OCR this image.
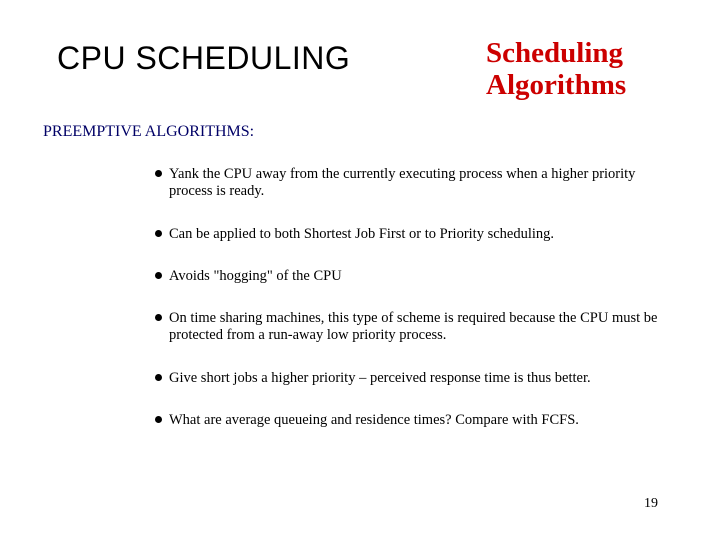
CPU SCHEDULING	Scheduling
Algorithms
PREEMPTIVE ALGORITHMS:
Yank the CPU away from the currently executing process when a higher priority process is ready.
Can be applied to both Shortest Job First or to Priority scheduling.
Avoids "hogging" of the CPU
On time sharing machines, this type of scheme is required because the CPU must be protected from a run-away low priority process.
Give short jobs a higher priority – perceived response time is thus better.
What are average queueing and residence times? Compare with FCFS.
19
